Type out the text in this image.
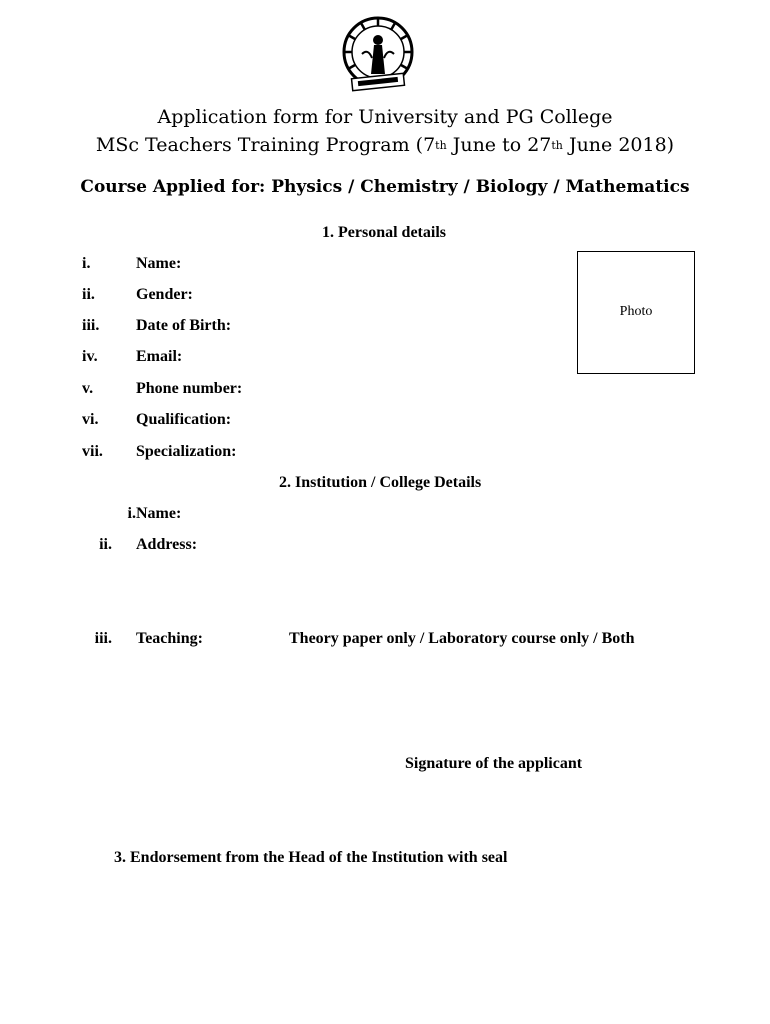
Application form for University and PG College
MSc Teachers Training Program (7th June to 27th June 2018)
Course Applied for: Physics / Chemistry / Biology / Mathematics
1. Personal details
i.	Name:
ii.	Gender:
iii. Date of Birth:
iv. Email:
v.	Phone number:
vi. Qualification:
vii. Specialization:
Photo
2. Institution / College Details
i.Name:
ii. Address:
iii. Teaching:	Theory paper only / Laboratory course only / Both
Signature of the applicant
3. Endorsement from the Head of the Institution with seal
